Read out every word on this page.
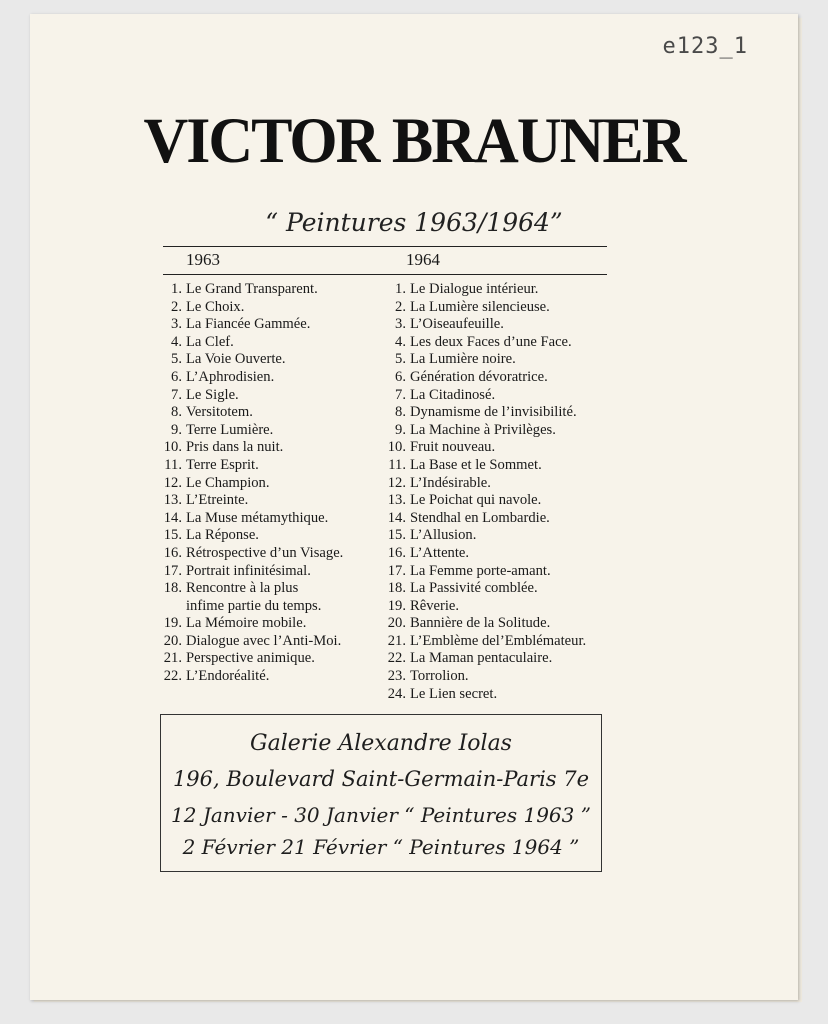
e123_1
VICTOR BRAUNER
“ Peintures 1963/1964”
1963	1964
1. Le Grand Transparent.
2. Le Choix.
3. La Fiancée Gammée.
4. La Clef.
5. La Voie Ouverte.
6. L’Aphrodisien.
7. Le Sigle.
8. Versitotem.
9. Terre Lumière.
10. Pris dans la nuit.
11. Terre Esprit.
12. Le Champion.
13. L’Etreinte.
14. La Muse métamythique.
15. La Réponse.
16. Rétrospective d’un Visage.
17. Portrait infinitésimal.
18. Rencontre à la plus
infime partie du temps.
19. La Mémoire mobile.
20. Dialogue avec l’Anti-Moi.
21. Perspective animique.
22. L’Endoréalité.
1. Le Dialogue intérieur.
2. La Lumière silencieuse.
3. L’Oiseaufeuille.
4. Les deux Faces d’une Face.
5. La Lumière noire.
6. Génération dévoratrice.
7. La Citadinosé.
8. Dynamisme de l’invisibilité.
9. La Machine à Privilèges.
10. Fruit nouveau.
11. La Base et le Sommet.
12. L’Indésirable.
13. Le Poichat qui navole.
14. Stendhal en Lombardie.
15. L’Allusion.
16. L’Attente.
17. La Femme porte-amant.
18. La Passivité comblée.
19. Rêverie.
20. Bannière de la Solitude.
21. L’Emblème del’Emblémateur.
22. La Maman pentaculaire.
23. Torrolion.
24. Le Lien secret.
Galerie Alexandre Iolas
196, Boulevard Saint-Germain-Paris 7e
12 Janvier - 30 Janvier “ Peintures 1963 ”
2 Février 21 Février “ Peintures 1964 ”
